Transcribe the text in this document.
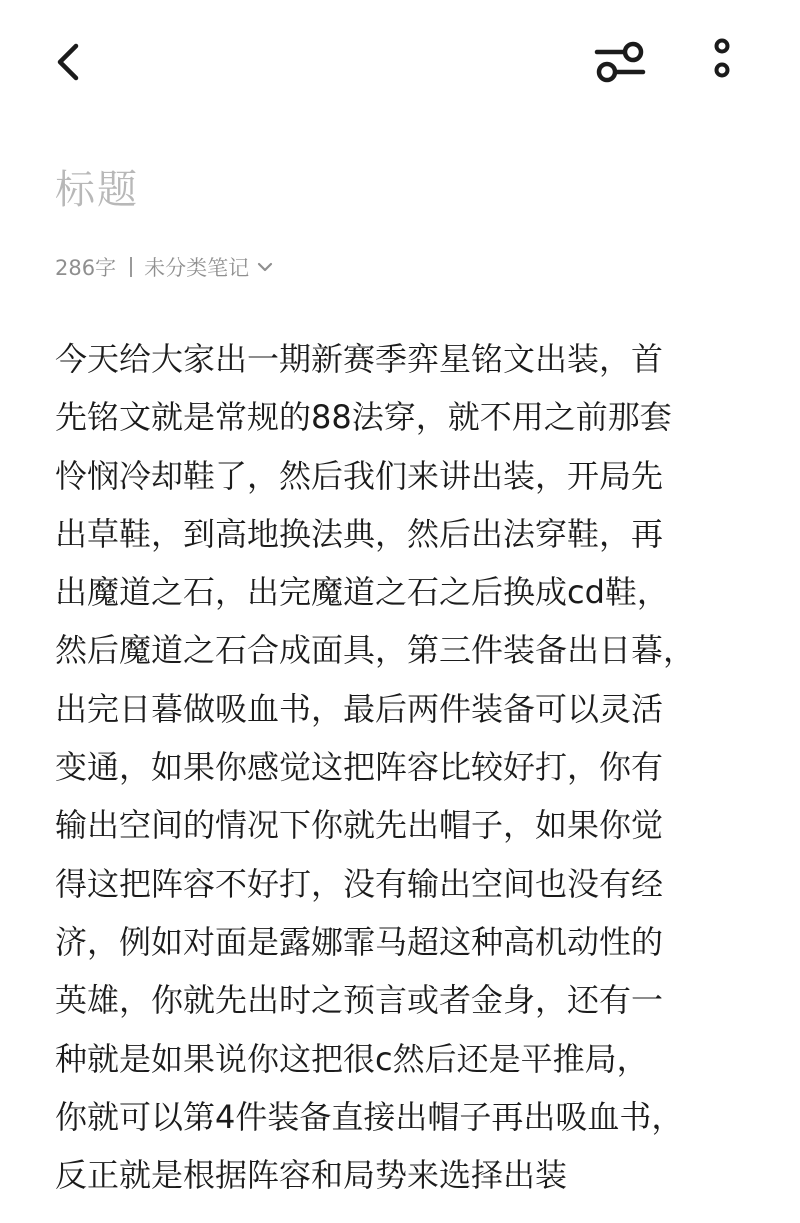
标题
286字 未分类笔记

今天给大家出一期新赛季弈星铭文出装，首
先铭文就是常规的88法穿，就不用之前那套
怜悯冷却鞋了，然后我们来讲出装，开局先
出草鞋，到高地换法典，然后出法穿鞋，再
出魔道之石，出完魔道之石之后换成cd鞋，
然后魔道之石合成面具，第三件装备出日暮，
出完日暮做吸血书，最后两件装备可以灵活
变通，如果你感觉这把阵容比较好打，你有
输出空间的情况下你就先出帽子，如果你觉
得这把阵容不好打，没有输出空间也没有经
济，例如对面是露娜霏马超这种高机动性的
英雄，你就先出时之预言或者金身，还有一
种就是如果说你这把很c然后还是平推局，
你就可以第4件装备直接出帽子再出吸血书，
反正就是根据阵容和局势来选择出装
